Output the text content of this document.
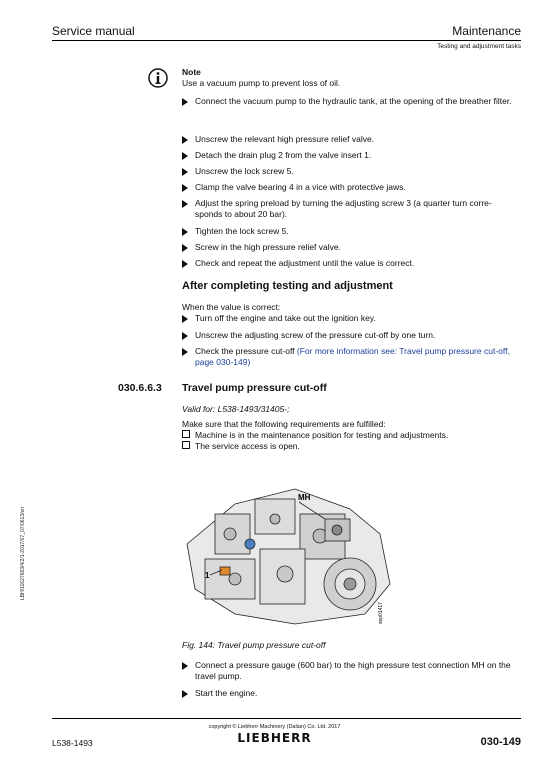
Service manual	Maintenance
Testing and adjustment tasks
Note
Use a vacuum pump to prevent loss of oil.
Connect the vacuum pump to the hydraulic tank, at the opening of the breather filter.
Unscrew the relevant high pressure relief valve.
Detach the drain plug 2 from the valve insert 1.
Unscrew the lock screw 5.
Clamp the valve bearing 4 in a vice with protective jaws.
Adjust the spring preload by turning the adjusting screw 3 (a quarter turn corre-sponds to about 20 bar).
Tighten the lock screw 5.
Screw in the high pressure relief valve.
Check and repeat the adjustment until the value is correct.
After completing testing and adjustment
When the value is correct:
Turn off the engine and take out the ignition key.
Unscrew the adjusting screw of the pressure cut-off by one turn.
Check the pressure cut-off (For more information see: Travel pump pressure cut-off, page 030-149)
030.6.6.3 Travel pump pressure cut-off
Valid for: L538-1493/31405-;
Make sure that the following requirements are fulfilled:
Machine is in the maintenance position for testing and adjustments.
The service access is open.
MH
1
sep01417
Fig. 144: Travel pump pressure cut-off
Connect a pressure gauge (600 bar) to the high pressure test connection MH on the travel pump.
Start the engine.
LBH/11627683/4/2/1-2017/07_07/0613/en
L538-1493
copyright © Liebherr Machinery (Dalian) Co. Ltd. 2017
LIEBHERR	030-149
